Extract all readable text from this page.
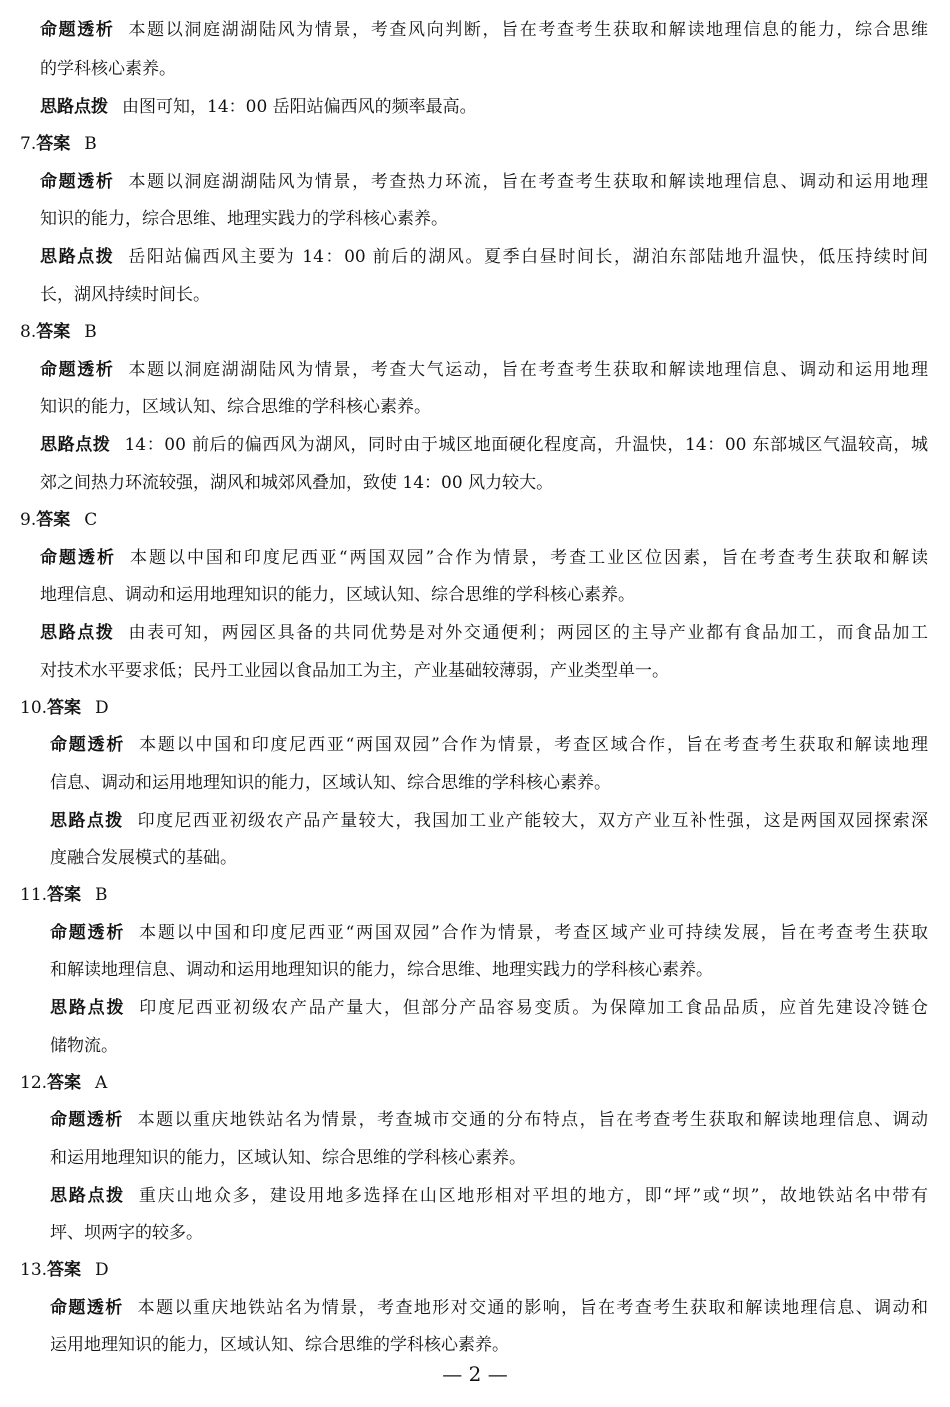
命题透析 本题以洞庭湖湖陆风为情景，考查风向判断，旨在考查考生获取和解读地理信息的能力，综合思维
的学科核心素养。
思路点拨 由图可知，14：00 岳阳站偏西风的频率最高。
7.答案 B
命题透析 本题以洞庭湖湖陆风为情景，考查热力环流，旨在考查考生获取和解读地理信息、调动和运用地理
知识的能力，综合思维、地理实践力的学科核心素养。
思路点拨 岳阳站偏西风主要为 14：00 前后的湖风。夏季白昼时间长，湖泊东部陆地升温快，低压持续时间
长，湖风持续时间长。
8.答案 B
命题透析 本题以洞庭湖湖陆风为情景，考查大气运动，旨在考查考生获取和解读地理信息、调动和运用地理
知识的能力，区域认知、综合思维的学科核心素养。
思路点拨 14：00 前后的偏西风为湖风，同时由于城区地面硬化程度高，升温快，14：00 东部城区气温较高，城
郊之间热力环流较强，湖风和城郊风叠加，致使 14：00 风力较大。
9.答案 C
命题透析 本题以中国和印度尼西亚“两国双园”合作为情景，考查工业区位因素，旨在考查考生获取和解读
地理信息、调动和运用地理知识的能力，区域认知、综合思维的学科核心素养。
思路点拨 由表可知，两园区具备的共同优势是对外交通便利；两园区的主导产业都有食品加工，而食品加工
对技术水平要求低；民丹工业园以食品加工为主，产业基础较薄弱，产业类型单一。
10.答案 D
命题透析 本题以中国和印度尼西亚“两国双园”合作为情景，考查区域合作，旨在考查考生获取和解读地理
信息、调动和运用地理知识的能力，区域认知、综合思维的学科核心素养。
思路点拨 印度尼西亚初级农产品产量较大，我国加工业产能较大，双方产业互补性强，这是两国双园探索深
度融合发展模式的基础。
11.答案 B
命题透析 本题以中国和印度尼西亚“两国双园”合作为情景，考查区域产业可持续发展，旨在考查考生获取
和解读地理信息、调动和运用地理知识的能力，综合思维、地理实践力的学科核心素养。
思路点拨 印度尼西亚初级农产品产量大，但部分产品容易变质。为保障加工食品品质，应首先建设冷链仓
储物流。
12.答案 A
命题透析 本题以重庆地铁站名为情景，考查城市交通的分布特点，旨在考查考生获取和解读地理信息、调动
和运用地理知识的能力，区域认知、综合思维的学科核心素养。
思路点拨 重庆山地众多，建设用地多选择在山区地形相对平坦的地方，即“坪”或“坝”，故地铁站名中带有
坪、坝两字的较多。
13.答案 D
命题透析 本题以重庆地铁站名为情景，考查地形对交通的影响，旨在考查考生获取和解读地理信息、调动和
运用地理知识的能力，区域认知、综合思维的学科核心素养。
— 2 —
